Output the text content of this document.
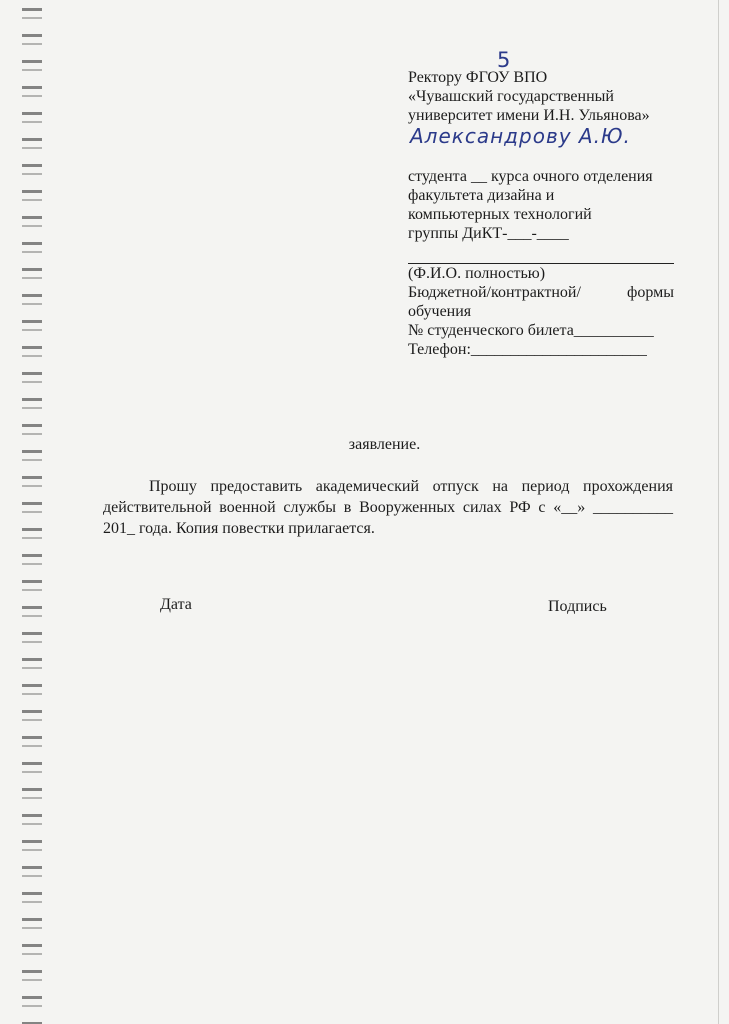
5
Ректору ФГОУ ВПО
«Чувашский государственный
университет имени И.Н. Ульянова»
Александрову А.Ю.
студента __ курса очного отделения
факультета дизайна и
компьютерных технологий
группы ДиКТ-___-____
(Ф.И.О. полностью)
Бюджетной/контрактной/	формы
обучения
№ студенческого билета__________
Телефон:______________________
заявление.
Прошу предоставить академический отпуск на период прохождения действительной военной службы в Вооруженных силах РФ с «__» __________ 201_ года. Копия повестки прилагается.
Дата	Подпись
